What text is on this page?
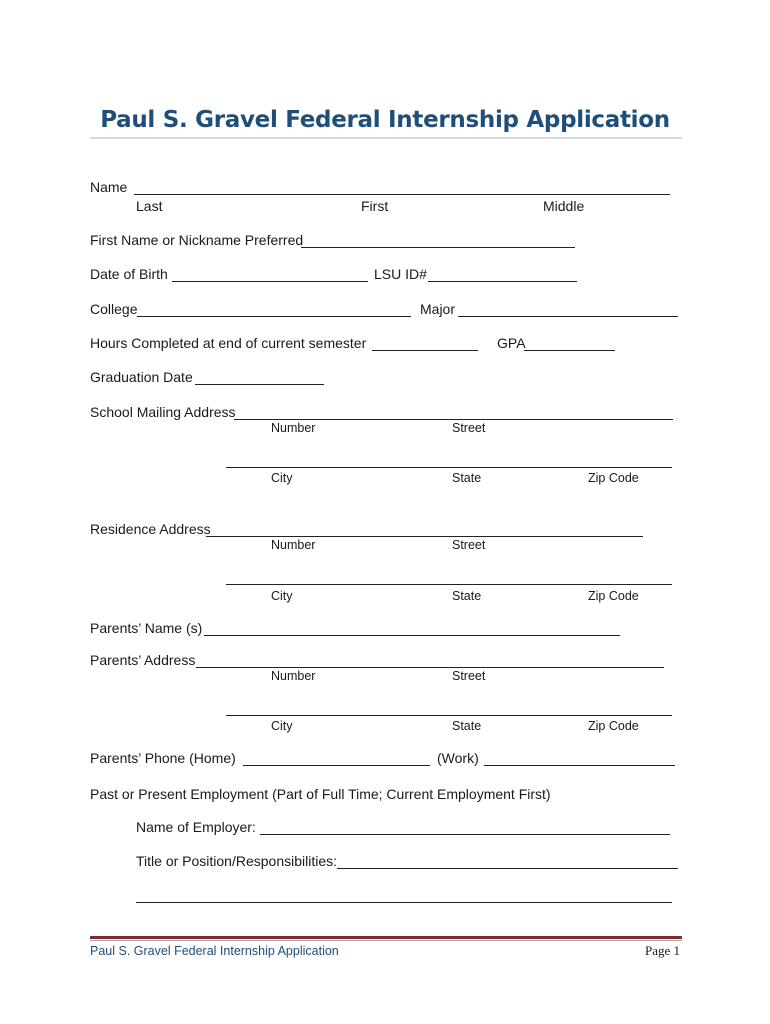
Paul S. Gravel Federal Internship Application
Name
Last	First	Middle
First Name or Nickname Preferred
Date of Birth	LSU ID#
College	Major
Hours Completed at end of current semester	GPA
Graduation Date
School Mailing Address
Number	Street
City	State	Zip Code
Residence Address
Number	Street
City	State	Zip Code
Parents’ Name (s)
Parents’ Address
Number	Street
City	State	Zip Code
Parents’ Phone (Home)	(Work)
Past or Present Employment (Part of Full Time; Current Employment First)
Name of Employer:
Title or Position/Responsibilities:
Paul S. Gravel Federal Internship Application	Page 1
